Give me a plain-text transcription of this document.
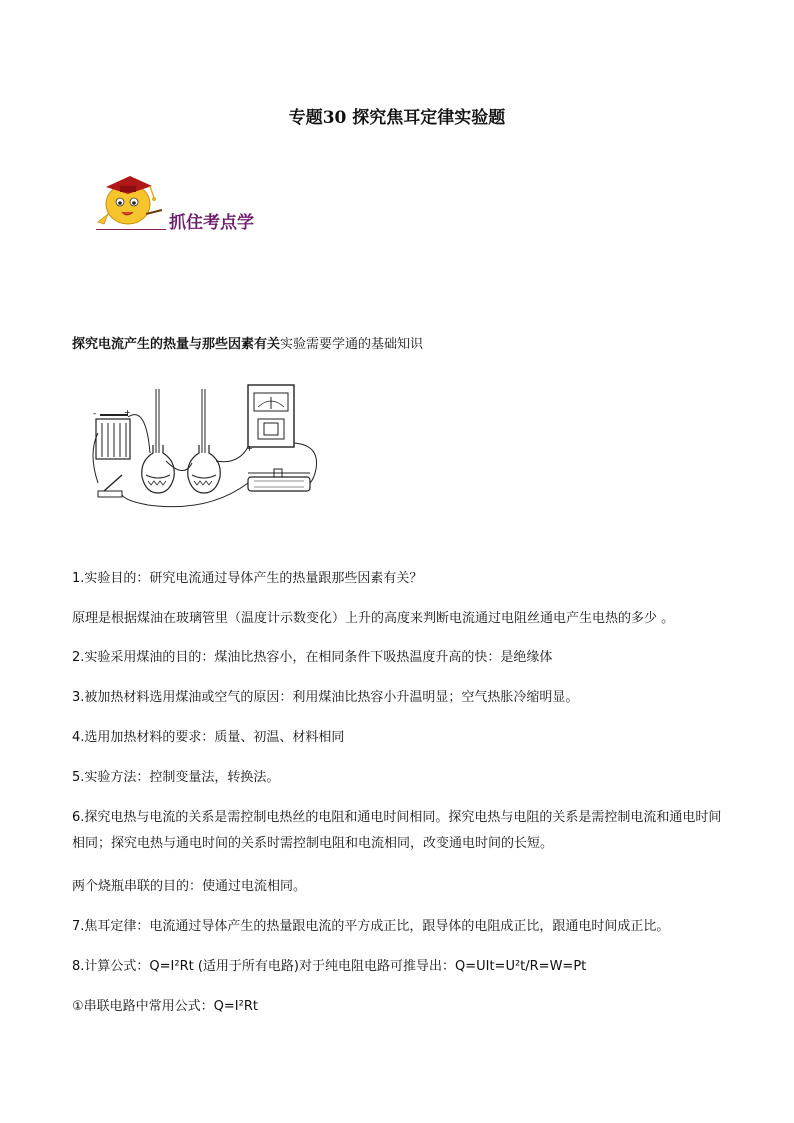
专题30 探究焦耳定律实验题
抓住考点学
探究电流产生的热量与那些因素有关实验需要学通的基础知识
-	+
+
1.实验目的：研究电流通过导体产生的热量跟那些因素有关？
原理是根据煤油在玻璃管里（温度计示数变化）上升的高度来判断电流通过电阻丝通电产生电热的多少 。
2.实验采用煤油的目的：煤油比热容小，在相同条件下吸热温度升高的快：是绝缘体
3.被加热材料选用煤油或空气的原因：利用煤油比热容小升温明显；空气热胀冷缩明显。
4.选用加热材料的要求：质量、初温、材料相同
5.实验方法：控制变量法，转换法。
6.探究电热与电流的关系是需控制电热丝的电阻和通电时间相同。探究电热与电阻的关系是需控制电流和通电时间相同；探究电热与通电时间的关系时需控制电阻和电流相同，改变通电时间的长短。
两个烧瓶串联的目的：使通过电流相同。
7.焦耳定律：电流通过导体产生的热量跟电流的平方成正比，跟导体的电阻成正比，跟通电时间成正比。
8.计算公式：Q=I²Rt (适用于所有电路)对于纯电阻电路可推导出：Q=UIt=U²t/R=W=Pt
①串联电路中常用公式：Q=I²Rt
